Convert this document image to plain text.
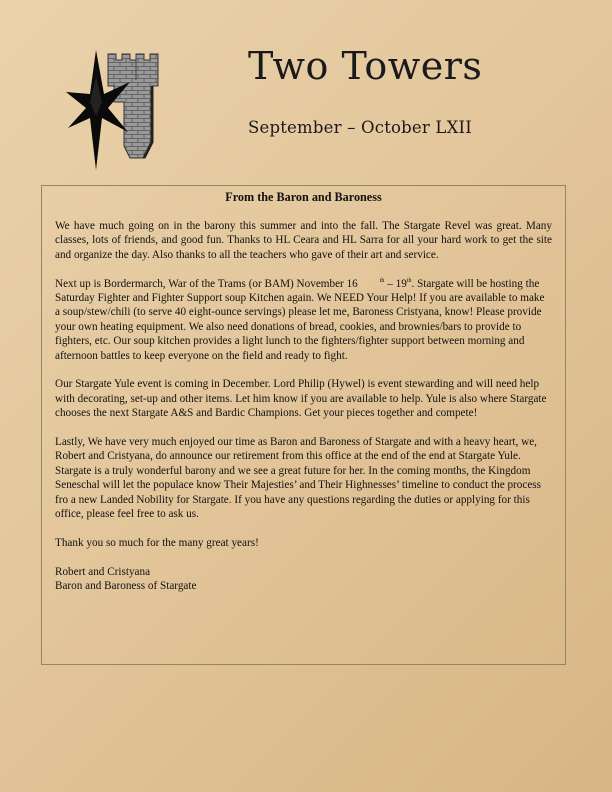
Two Towers
September – October LXII
From the Baron and Baroness

We have much going on in the barony this summer and into the fall. The Stargate Revel was great. Many classes, lots of friends, and good fun. Thanks to HL Ceara and HL Sarra for all your hard work to get the site and organize the day. Also thanks to all the teachers who gave of their art and service.

Next up is Bordermarch, War of the Trams (or BAM) November 16	$^{th}$ – 19th. Stargate will be hosting the Saturday Fighter and Fighter Support soup Kitchen again. We NEED Your Help! If you are available to make a soup/stew/chili (to serve 40 eight-ounce servings) please let me, Baroness Cristyana, know! Please provide your own heating equipment. We also need donations of bread, cookies, and brownies/bars to provide to fighters, etc. Our soup kitchen provides a light lunch to the fighters/fighter support between morning and afternoon battles to keep everyone on the field and ready to fight.

Our Stargate Yule event is coming in December. Lord Philip (Hywel) is event stewarding and will need help with decorating, set-up and other items. Let him know if you are available to help. Yule is also where Stargate chooses the next Stargate A&S and Bardic Champions. Get your pieces together and compete!

Lastly, We have very much enjoyed our time as Baron and Baroness of Stargate and with a heavy heart, we, Robert and Cristyana, do announce our retirement from this office at the end of the end at Stargate Yule. Stargate is a truly wonderful barony and we see a great future for her. In the coming months, the Kingdom Seneschal will let the populace know Their Majesties’ and Their Highnesses’ timeline to conduct the process fro a new Landed Nobility for Stargate. If you have any questions regarding the duties or applying for this office, please feel free to ask us.

Thank you so much for the many great years!

Robert and Cristyana

Baron and Baroness of Stargate
